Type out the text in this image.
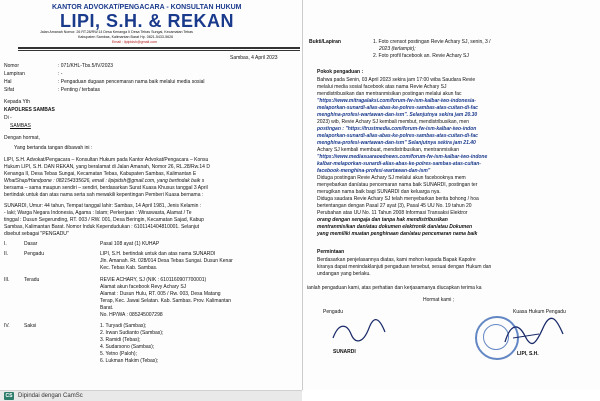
KANTOR ADVOKAT/PENGACARA - KONSULTAN HUKUM
LIPI, S.H. & REKAN
Jalan Amanah Nomor. 26 RT.28/RW.14 Desa Kenanga II Desa Tebas Sungai, Kecamatan Tebas
Kabupaten Sambas, Kalimantan Barat Hp. 0821-5433-5626
Email : lipipidsh@gmail.com
Sambas, 4 April 2023
Nomor	: 071/KHL-Tbs.5/IV/2023
Lampiran	: -
Hal	: Pengaduan dugaan pencemaran nama baik melalui media sosial
Sifat	: Penting / terbatas
Kepada Yth
KAPOLRES SAMBAS
Di -
SAMBAS
Dengan hormat,
Yang bertanda tangan dibawah ini :
LIPI, S.H. Advokat/Pengacara – Konsultan Hukum pada Kantor Advokat/Pengacara – Konsu
Hukum LIPI, S.H. DAN REKAN, yang beralamat di Jalan Amanah, Nomor 26, RL.28/Rw.14 D
Kenanga II, Desa Tebas Sungai, Kecamatan Tebas, Kabupaten Sambas, Kalimantan E
WhatShap/Handpone : 082154335626, email : lipipidsh@gmail.com, yang bertindak baik s
bersama – sama maupun sendiri – sendiri, berdasarkan Surat Kuasa Khusus tanggal 3 April
bertindak untuk dan atas nama serta sah mewakili kepentingan Pemberi Kuasa bernama :
SUNARDI, Umur: 44 tahun, Tempat tanggal lahir: Sambas, 14 April 1981, Jenis Kelamin :
- laki; Warga Negara Indonesia, Agama : Islam; Perkerjaan : Wiraswasta, Alamat / Te
tinggal : Dusun Segerunding, RT. 003 / RW. 001, Desa Beringin, Kecamatan Sajad, Kabup
Sambas, Kalimantan Barat. Nomor Induk Kependudukan : 6101141404810001. Selanjut
disebut sebagai "PENGADU"
I.	Dasar	Pasal 108 ayat (1) KUHAP
II.	Pengadu	LIPI, S.H. bertindak untuk dan atas nama SUNARDI
Jln. Amanah. Rt. 028/014 Desa Tebas Sungai. Dusun Kenar
Kec. Tebas Kab. Sambas.
III.	Teradu	REVIE ACHARY, SJ (NIK : 6101160907700001)
Alamat akun facebook Revy Achary SJ
Alamat : Dusun Hulu, RT. 005 / Rw. 003, Desa Matang
Terap, Kec. Jawai Selatan. Kab. Sambas. Prov. Kalimantan
Barat.
No. HP/WA : 085245007298
IV.	Saksi	1. Turyadi (Sambas);
2. Irwan Sudianto (Sambas);
3. Ramidi (Tebas);
4. Sudarsono (Sambas);
5. Yetno (Paloh);
6. Lukman Hakim (Tebas);
CS Dipindai dengan CamSc
Bukti/Lapiran	1. Foto crensot postingan Revie Achary SJ, senin, 3 /
2023 (terlampir);
2. Foto profil facebook an. Revie Achary SJ
Pokok pengaduan :
Bahwa pada Senin, 03 April 2023 sekira jam 17:00 wiba Saudara Revie
melalui media sosial facebook atas nama Revie Achary SJ
mendistribusikan dan mentranmisikan postingan melalui akun fac
"https://www.mitragalaksi.com/forum-fw-ism-kalbar-iwo-indonesia-
melaporkan-sunardi-alias-abas-ke-polres-sambas-atas-cuitan-di-fac
menghina-profesi-wartawan-dan-ism". Selanjutnya sekira jam 20.30
2023) wib, Revie Achary SJ kembali membut, mendistribusikan, men
postingan : "https://trustmedia.com/forum-fw-ism-kalbar-iwo-indon
melaporkan-sunardi-alias-abas-ke-polres-sambas-atas-cuitan-di-fac
menghina-profesi-wartawan-dan-ism" Selanjutnya sekira jam 21.40
Achary SJ kembali membuat, mendistribusikan, mentranmisikan
"https://www.mediasuaraoednews.com/forum-fw-ism-kalbar-iwo-indone
kalbar-melaporkan-sunardi-alias-abas-ke-polres-sambas-atas-cuitan-
facebook-menghina-profesi-wartawan-dan-ism"
Diduga postingan Revie Achary SJ melalui akun facebooknya mem
menyebarkan dan/atau pencemaran nama baik SUNARDI, postingan ter
merugikan nama baik bagi SUNARDI dan keluarga nya.
Diduga saudara Revie Achary SJ telah menyebarkan berita bohong / hoa
bertentangan dengan Pasal 27 ayat (3), Pasal 45 UU No. 19 tahun 20
Perubahan atas UU No. 11 Tahun 2008 Informasi Transaksi Elektror
orang dengan sengaja dan tanpa hak mendistribusikan
mentranmisikan dan/atau dokumen elektronik dan/atau Dokumen
yang memiliki muatan penghinaan dan/atau pencemaran nama baik
Permintaan
Berdasarkan penjelasannya diatas, kami mohon kepada Bapak Kapolre
kiranya dapat menindaklanjuti pengaduan tersebut, sesuai dengan Hukum dan
undangan yang berlaku.
ianlah pengaduan kami, atas perhatian dan kerjasamanya diucapkan terima ka
Hormat kami ;
Pengadu	Kuasa Hukum Pengadu
SUNARDI	LIPI, S.H.
